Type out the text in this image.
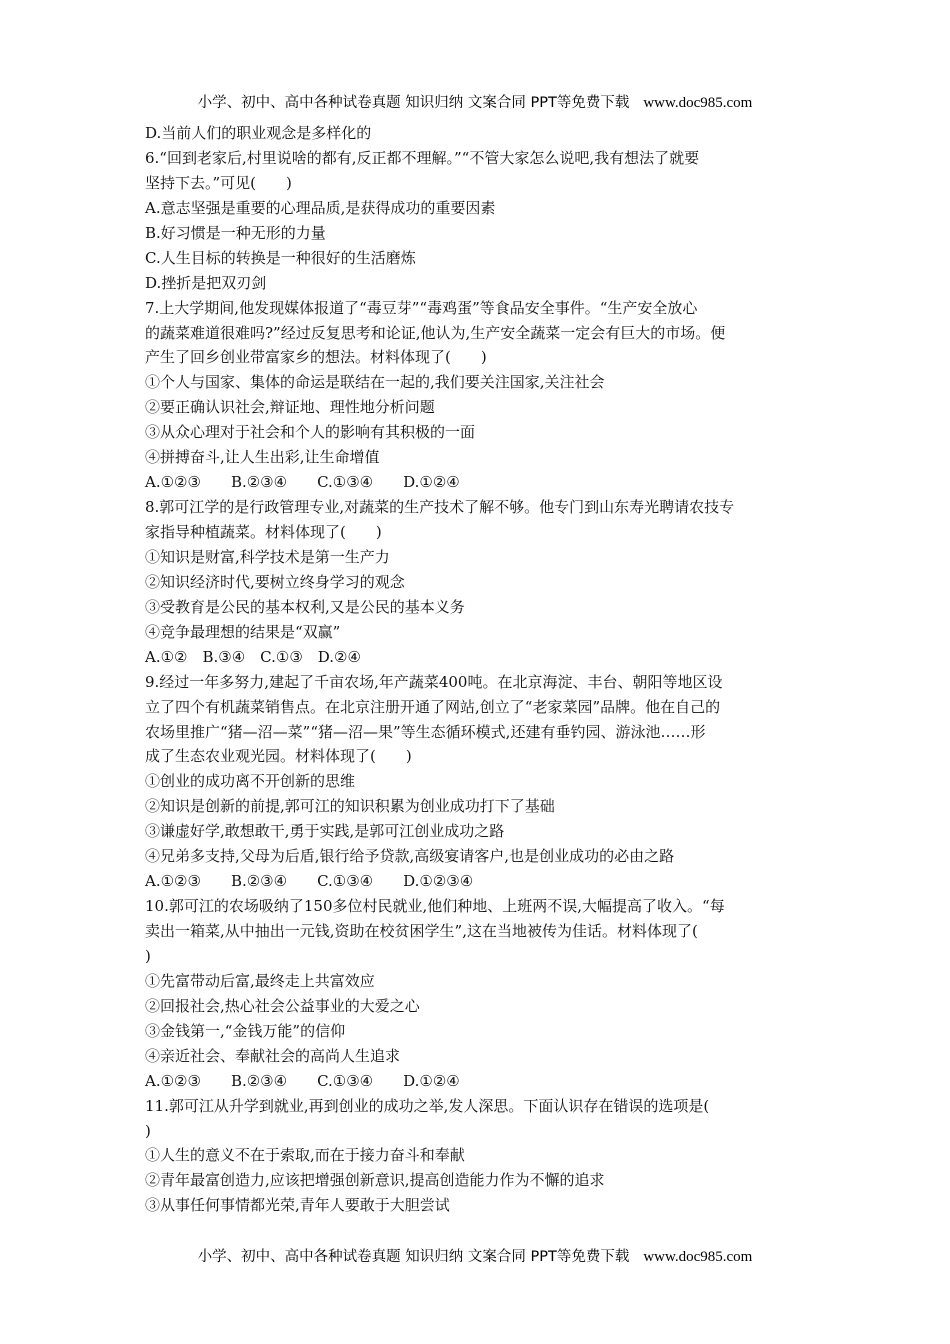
小学、初中、高中各种试卷真题 知识归纳 文案合同 PPT等免费下载 www.doc985.com
D.当前人们的职业观念是多样化的
6.“回到老家后,村里说啥的都有,反正都不理解。”“不管大家怎么说吧,我有想法了就要
坚持下去。”可见(　　)
A.意志坚强是重要的心理品质,是获得成功的重要因素
B.好习惯是一种无形的力量
C.人生目标的转换是一种很好的生活磨炼
D.挫折是把双刃剑
7.上大学期间,他发现媒体报道了“毒豆芽”“毒鸡蛋”等食品安全事件。“生产安全放心
的蔬菜难道很难吗?”经过反复思考和论证,他认为,生产安全蔬菜一定会有巨大的市场。便
产生了回乡创业带富家乡的想法。材料体现了(　　)
①个人与国家、集体的命运是联结在一起的,我们要关注国家,关注社会
②要正确认识社会,辩证地、理性地分析问题
③从众心理对于社会和个人的影响有其积极的一面
④拼搏奋斗,让人生出彩,让生命增值
A.①②③　　B.②③④　　C.①③④　　D.①②④
8.郭可江学的是行政管理专业,对蔬菜的生产技术了解不够。他专门到山东寿光聘请农技专
家指导种植蔬菜。材料体现了(　　)
①知识是财富,科学技术是第一生产力
②知识经济时代,要树立终身学习的观念
③受教育是公民的基本权利,又是公民的基本义务
④竞争最理想的结果是“双赢”
A.①②　B.③④　C.①③　D.②④
9.经过一年多努力,建起了千亩农场,年产蔬菜400吨。在北京海淀、丰台、朝阳等地区设
立了四个有机蔬菜销售点。在北京注册开通了网站,创立了“老家菜园”品牌。他在自己的
农场里推广“猪—沼—菜”“猪—沼—果”等生态循环模式,还建有垂钓园、游泳池……形
成了生态农业观光园。材料体现了(　　)
①创业的成功离不开创新的思维
②知识是创新的前提,郭可江的知识积累为创业成功打下了基础
③谦虚好学,敢想敢干,勇于实践,是郭可江创业成功之路
④兄弟多支持,父母为后盾,银行给予贷款,高级宴请客户,也是创业成功的必由之路
A.①②③　　B.②③④　　C.①③④　　D.①②③④
10.郭可江的农场吸纳了150多位村民就业,他们种地、上班两不误,大幅提高了收入。“每
卖出一箱菜,从中抽出一元钱,资助在校贫困学生”,这在当地被传为佳话。材料体现了(
)
①先富带动后富,最终走上共富效应
②回报社会,热心社会公益事业的大爱之心
③金钱第一,“金钱万能”的信仰
④亲近社会、奉献社会的高尚人生追求
A.①②③　　B.②③④　　C.①③④　　D.①②④
11.郭可江从升学到就业,再到创业的成功之举,发人深思。下面认识存在错误的选项是(
)
①人生的意义不在于索取,而在于接力奋斗和奉献
②青年最富创造力,应该把增强创新意识,提高创造能力作为不懈的追求
③从事任何事情都光荣,青年人要敢于大胆尝试
小学、初中、高中各种试卷真题 知识归纳 文案合同 PPT等免费下载 www.doc985.com
